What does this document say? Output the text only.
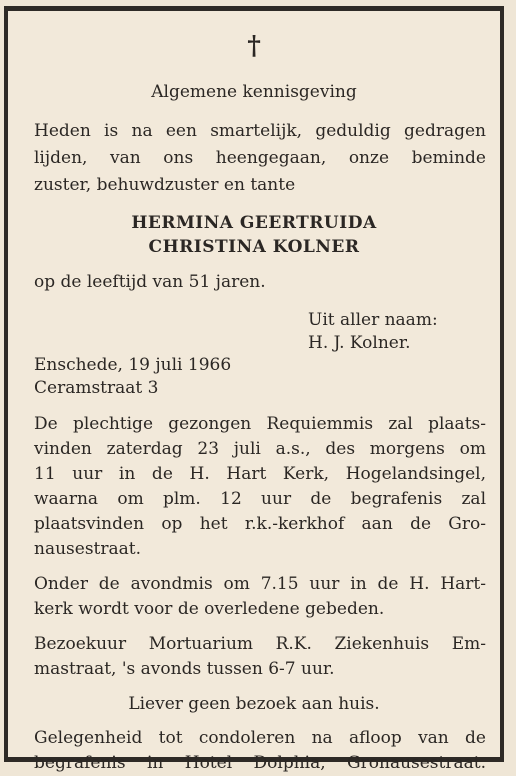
†
Algemene kennisgeving
Heden is na een smartelijk, geduldig gedragen
lijden, van ons heengegaan, onze beminde
zuster, behuwdzuster en tante
HERMINA GEERTRUIDA
CHRISTINA KOLNER
op de leeftijd van 51 jaren.
Uit aller naam:
H. J. Kolner.
Enschede, 19 juli 1966
Ceramstraat 3
De plechtige gezongen Requiemmis zal plaats-
vinden zaterdag 23 juli a.s., des morgens om
11 uur in de H. Hart Kerk, Hogelandsingel,
waarna om plm. 12 uur de begrafenis zal
plaatsvinden op het r.k.-kerkhof aan de Gro-
nausestraat.
Onder de avondmis om 7.15 uur in de H. Hart-
kerk wordt voor de overledene gebeden.
Bezoekuur Mortuarium R.K. Ziekenhuis Em-
mastraat, 's avonds tussen 6-7 uur.
Liever geen bezoek aan huis.
Gelegenheid tot condoleren na afloop van de
begrafenis in Hotel Dolphia, Gronausestraat.
